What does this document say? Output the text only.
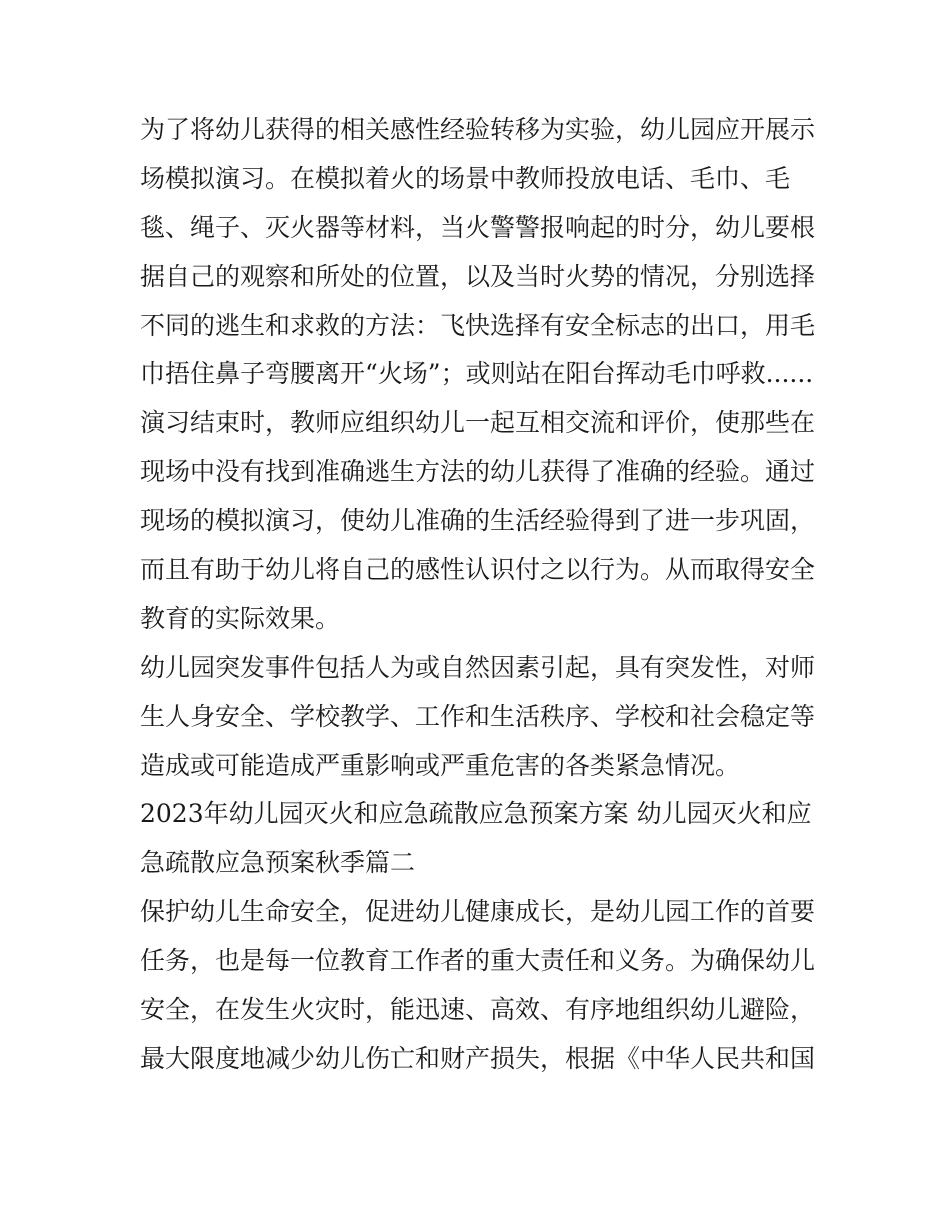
为了将幼儿获得的相关感性经验转移为实验，幼儿园应开展示
场模拟演习。在模拟着火的场景中教师投放电话、毛巾、毛
毯、绳子、灭火器等材料，当火警警报响起的时分，幼儿要根
据自己的观察和所处的位置，以及当时火势的情况，分别选择
不同的逃生和求救的方法：飞快选择有安全标志的出口，用毛
巾捂住鼻子弯腰离开“火场”；或则站在阳台挥动毛巾呼救......
演习结束时，教师应组织幼儿一起互相交流和评价，使那些在
现场中没有找到准确逃生方法的幼儿获得了准确的经验。通过
现场的模拟演习，使幼儿准确的生活经验得到了进一步巩固，
而且有助于幼儿将自己的感性认识付之以行为。从而取得安全
教育的实际效果。
幼儿园突发事件包括人为或自然因素引起，具有突发性，对师
生人身安全、学校教学、工作和生活秩序、学校和社会稳定等
造成或可能造成严重影响或严重危害的各类紧急情况。
2023年幼儿园灭火和应急疏散应急预案方案 幼儿园灭火和应
急疏散应急预案秋季篇二
保护幼儿生命安全，促进幼儿健康成长，是幼儿园工作的首要
任务，也是每一位教育工作者的重大责任和义务。为确保幼儿
安全，在发生火灾时，能迅速、高效、有序地组织幼儿避险，
最大限度地减少幼儿伤亡和财产损失，根据《中华人民共和国
